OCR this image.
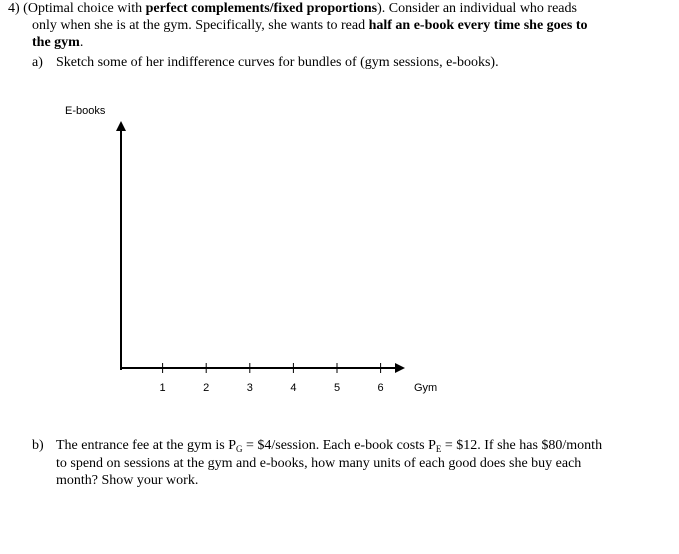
4) (Optimal choice with perfect complements/fixed proportions). Consider an individual who reads
only when she is at the gym. Specifically, she wants to read half an e-book every time she goes to
the gym.
a) Sketch some of her indifference curves for bundles of (gym sessions, e-books).
E-books
1	2	3	4	5	6	Gym
b) The entrance fee at the gym is $P_G$ = $4/session. Each e-book costs $P_E$ = $12. If she has $80/month
to spend on sessions at the gym and e-books, how many units of each good does she buy each
month? Show your work.
